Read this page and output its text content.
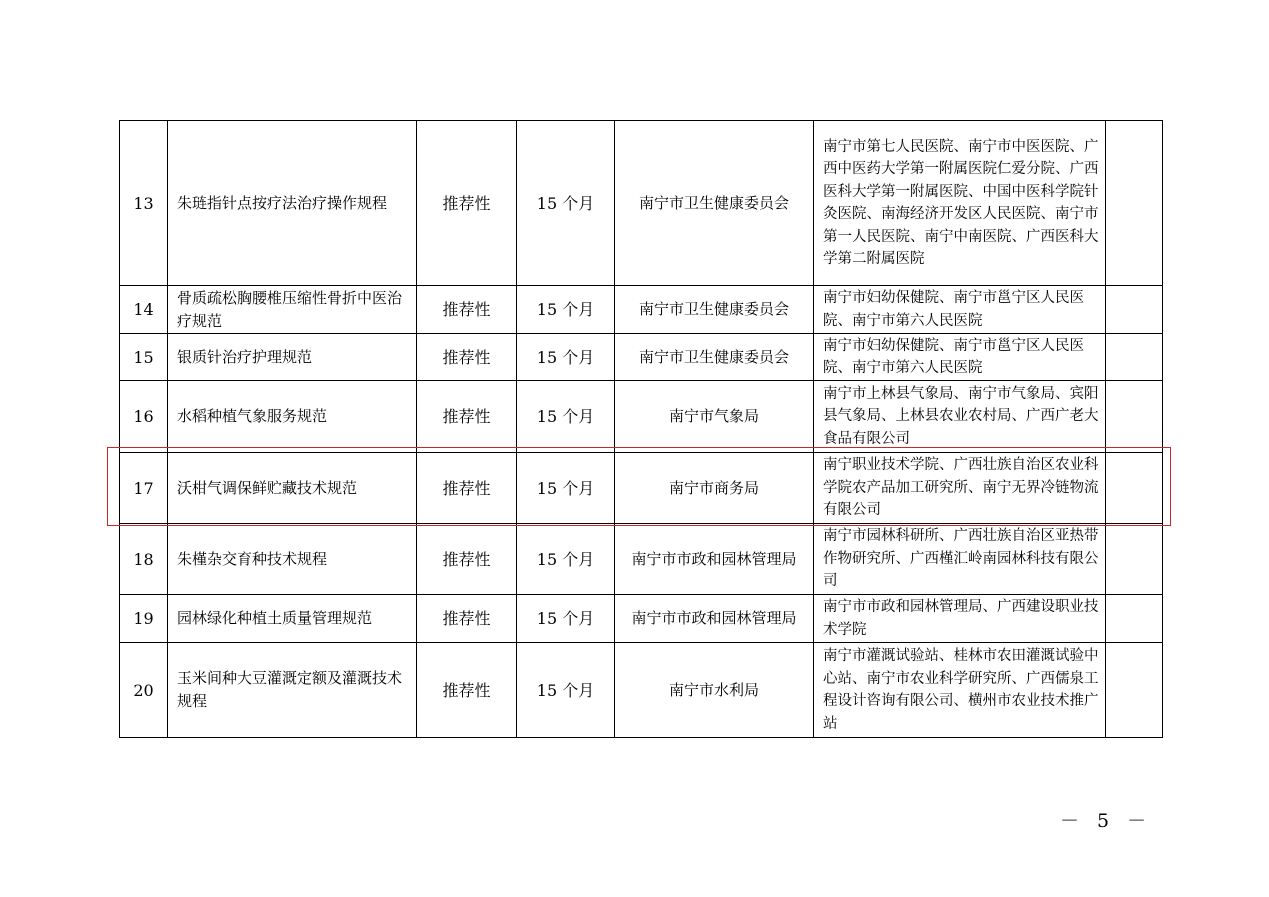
13	朱琏指针点按疗法治疗操作规程	推荐性	15 个月	南宁市卫生健康委员会	南宁市第七人民医院、南宁市中医医院、广西中医药大学第一附属医院仁爱分院、广西医科大学第一附属医院、中国中医科学院针灸医院、南海经济开发区人民医院、南宁市第一人民医院、南宁中南医院、广西医科大学第二附属医院	
14	骨质疏松胸腰椎压缩性骨折中医治疗规范	推荐性	15 个月	南宁市卫生健康委员会	南宁市妇幼保健院、南宁市邕宁区人民医院、南宁市第六人民医院	
15	银质针治疗护理规范	推荐性	15 个月	南宁市卫生健康委员会	南宁市妇幼保健院、南宁市邕宁区人民医院、南宁市第六人民医院	
16	水稻种植气象服务规范	推荐性	15 个月	南宁市气象局	南宁市上林县气象局、南宁市气象局、宾阳县气象局、上林县农业农村局、广西广老大食品有限公司	
17	沃柑气调保鲜贮藏技术规范	推荐性	15 个月	南宁市商务局	南宁职业技术学院、广西壮族自治区农业科学院农产品加工研究所、南宁无界冷链物流有限公司	
18	朱槿杂交育种技术规程	推荐性	15 个月	南宁市市政和园林管理局	南宁市园林科研所、广西壮族自治区亚热带作物研究所、广西槿汇岭南园林科技有限公司	
19	园林绿化种植土质量管理规范	推荐性	15 个月	南宁市市政和园林管理局	南宁市市政和园林管理局、广西建设职业技术学院	
20	玉米间种大豆灌溉定额及灌溉技术规程	推荐性	15 个月	南宁市水利局	南宁市灌溉试验站、桂林市农田灌溉试验中心站、南宁市农业科学研究所、广西儒泉工程设计咨询有限公司、横州市农业技术推广站	
－ 5 －
